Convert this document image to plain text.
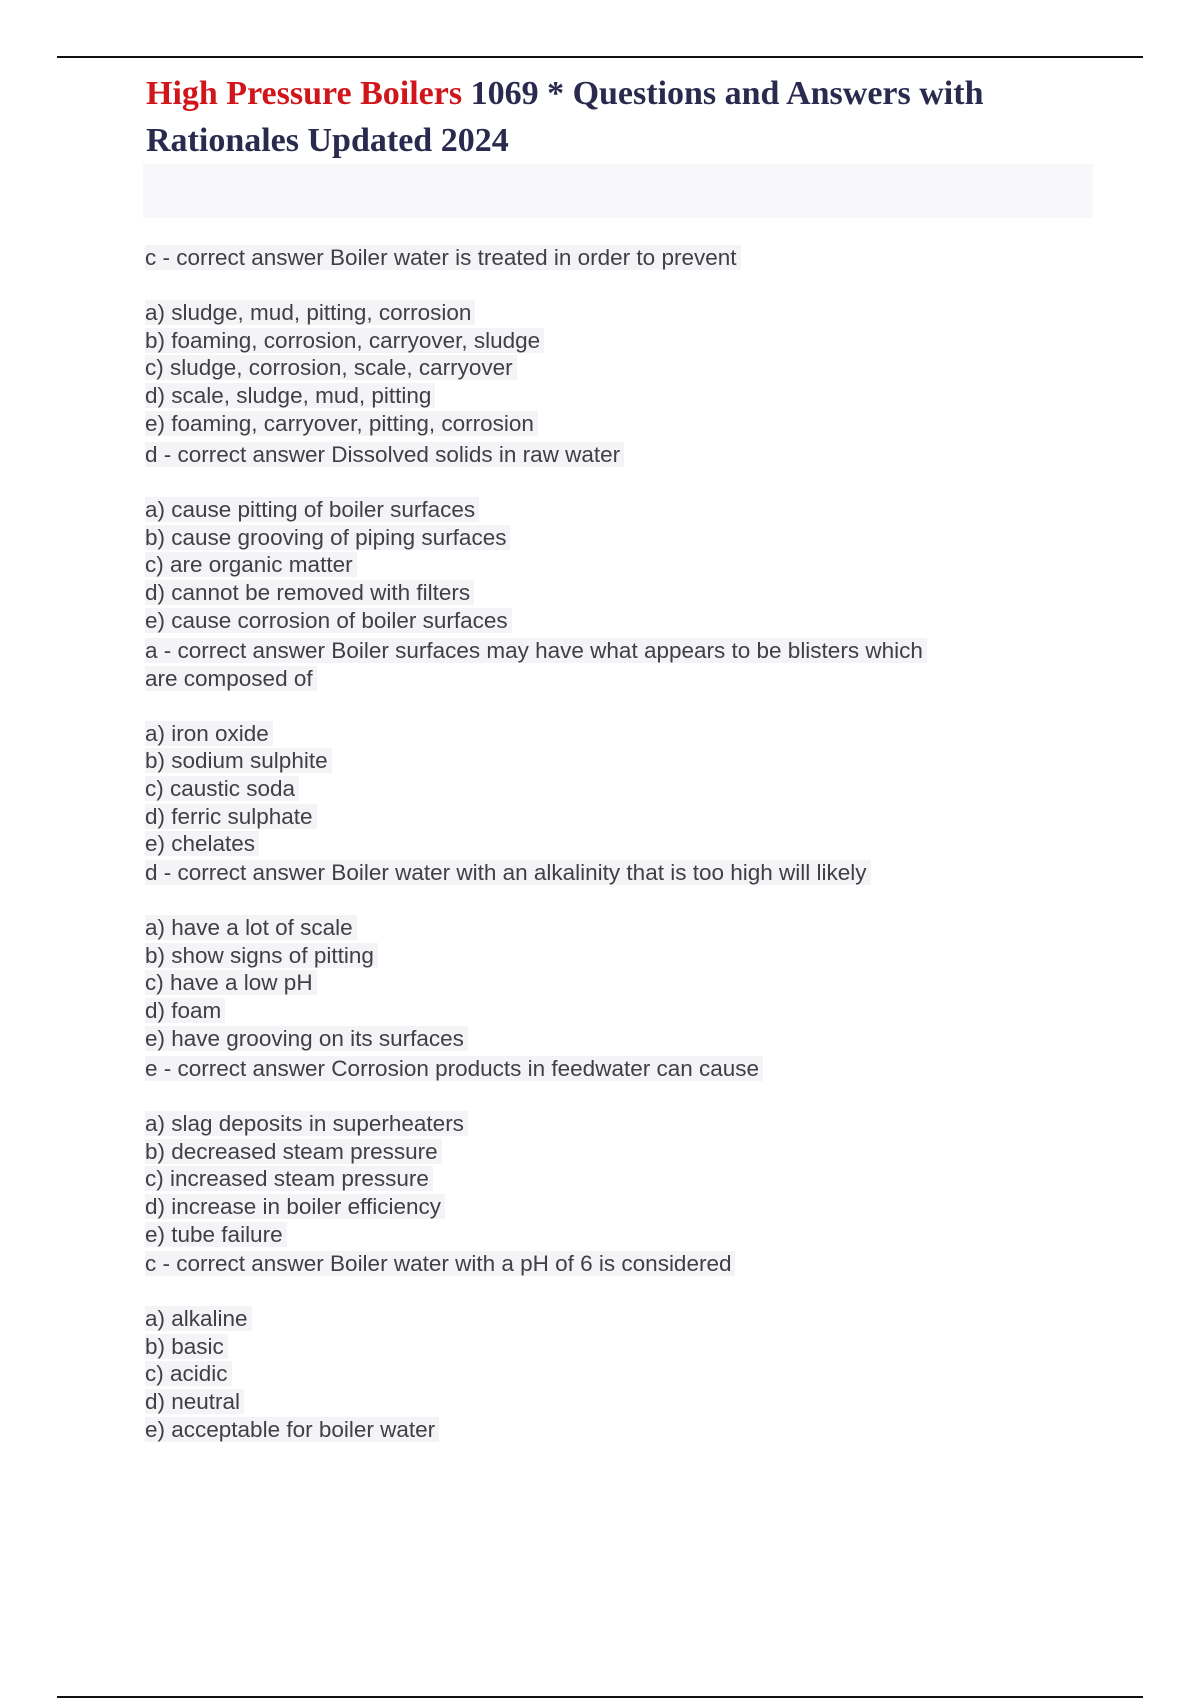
High Pressure Boilers 1069 * Questions and Answers with Rationales Updated 2024

c - correct answer Boiler water is treated in order to prevent

a) sludge, mud, pitting, corrosion
b) foaming, corrosion, carryover, sludge
c) sludge, corrosion, scale, carryover
d) scale, sludge, mud, pitting
e) foaming, carryover, pitting, corrosion

d - correct answer Dissolved solids in raw water

a) cause pitting of boiler surfaces
b) cause grooving of piping surfaces
c) are organic matter
d) cannot be removed with filters
e) cause corrosion of boiler surfaces

a - correct answer Boiler surfaces may have what appears to be blisters which

are composed of

a) iron oxide
b) sodium sulphite
c) caustic soda
d) ferric sulphate
e) chelates

d - correct answer Boiler water with an alkalinity that is too high will likely

a) have a lot of scale
b) show signs of pitting
c) have a low pH
d) foam
e) have grooving on its surfaces

e - correct answer Corrosion products in feedwater can cause

a) slag deposits in superheaters
b) decreased steam pressure
c) increased steam pressure
d) increase in boiler efficiency
e) tube failure

c - correct answer Boiler water with a pH of 6 is considered

a) alkaline
b) basic
c) acidic
d) neutral
e) acceptable for boiler water
